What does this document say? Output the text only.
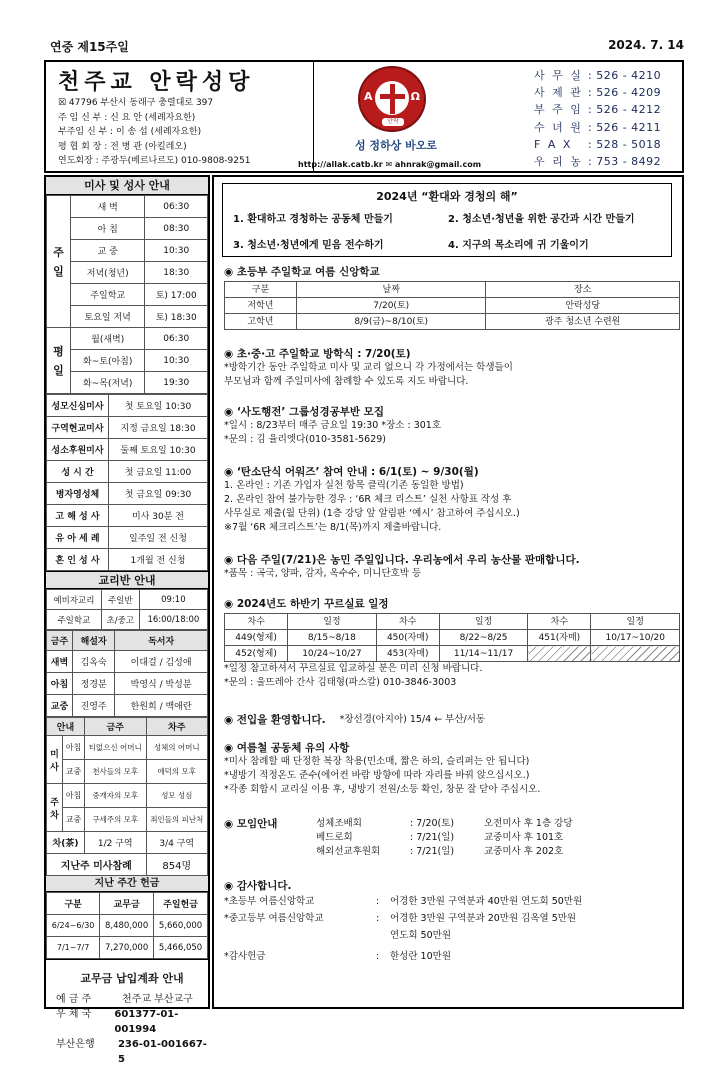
연중 제15주일	2024. 7. 14
천주교 안락성당
☒ 47796 부산시 동래구 충렬대로 397
주 임 신 부 : 신 요 안 (세례자요한)
부주임 신 부 : 이 송 섭 (세례자요한)
평 협 회 장 : 전 병 관 (아킬레오)
연도회장 : 주광두(베르나르도) 010-9808-9251
A	Ω
안락
성 정하상 바오로
http://allak.catb.kr ✉ ahnrak@gmail.com
사 무 실 : 526 - 4210
사 제 관 : 526 - 4209
부 주 임 : 526 - 4212
수 녀 원 : 526 - 4211
F A X	: 528 - 5018
우 리 농 : 753 - 8492
미사 및 성사 안내
주 일	새 벽	06:30
	아 침	08:30
	교 중	10:30
	저녁(청년)	18:30
	주일학교	토) 17:00
	토요일 저녁	토) 18:30
평 일	월(새벽)	06:30
	화~토(아침)	10:30
	화~목(저녁)	19:30
성모신심미사	첫 토요일 10:30
구역현교미사	지정 금요일 18:30
성소후원미사	둘째 토요일 10:30
성 시 간	첫 금요일 11:00
병자영성체	첫 금요일 09:30
고 해 성 사	미사 30분 전
유 아 세 례	일주일 전 신청
혼 인 성 사	1개월 전 신청
교리반 안내
예비자교리	주일반	09:10
주일학교	초/중고	16:00/18:00
금주	해설자	독서자
새벽	김옥숙	이대걸 / 김성애
아침	정경분	박영식 / 박성분
교중	진영주	한원희 / 백애란
안내		금주	차주
미 사	아침	티없으신 어머니	성체의 어머니
	교중	천사들의 모후	애덕의 모후
주 차	아침	중개자의 모후	성모 성심
	교중	구세주의 모후	죄인들의 피난처
차(茶)		1/2 구역	3/4 구역
지난주 미사참례			854명
지난 주간 헌금
구분	교무금	주일헌금
6/24~6/30	8,480,000	5,660,000
7/1~7/7	7,270,000	5,466,050
교무금 납입계좌 안내
예 금 주	천주교 부산교구
우 체 국	601377-01-001994
부산은행	236-01-001667-5
2024년 “환대와 경청의 해”
1. 환대하고 경청하는 공동체 만들기	2. 청소년·청년을 위한 공간과 시간 만들기
3. 청소년·청년에게 믿음 전수하기	4. 지구의 목소리에 귀 기울이기
◉ 초등부 주일학교 여름 신앙학교
구분	날짜	장소
저학년	7/20(토)	안락성당
고학년	8/9(금)~8/10(토)	광주 청소년 수련원
◉ 초·중·고 주일학교 방학식 : 7/20(토)
*방학기간 동안 주일학교 미사 및 교리 없으니 각 가정에서는 학생들이
부모님과 함께 주일미사에 참례할 수 있도록 지도 바랍니다.
◉ ‘사도행전’ 그룹성경공부반 모집
*일시 : 8/23부터 매주 금요일 19:30 *장소 : 301호
*문의 : 김 율리엣다(010-3581-5629)
◉ ‘탄소단식 어워즈’ 참여 안내 : 6/1(토) ~ 9/30(월)
1. 온라인 : 기존 가입자 실천 항목 클릭(기존 동일한 방법)
2. 온라인 참여 불가능한 경우 : ‘6R 체크 리스트’ 실천 사항표 작성 후
사무실로 제출(월 단위) (1층 강당 앞 알림판 ‘예시’ 참고하여 주십시오.)
※7월 ‘6R 체크리스트’는 8/1(목)까지 제출바랍니다.
◉ 다음 주일(7/21)은 농민 주일입니다. 우리농에서 우리 농산물 판매합니다.
*품목 : 곡국, 양파, 감자, 옥수수, 미니단호박 등
◉ 2024년도 하반기 꾸르실료 일정
차수	일정	차수	일정	차수	일정
449(형제)	8/15~8/18	450(자매)	8/22~8/25	451(자매)	10/17~10/20
452(형제)	10/24~10/27	453(자매)	11/14~11/17		
*일정 참고하셔서 꾸르실료 입교하실 분은 미리 신청 바랍니다.
*문의 : 울뜨레아 간사 김태형(파스칼) 010-3846-3003
◉ 전입을 환영합니다. *장선경(아지아) 15/4 ← 부산/서동
◉ 여름철 공동체 유의 사항
*미사 참례할 때 단정한 복장 착용(민소매, 짧은 하의, 슬리퍼는 안 됩니다)
*냉방기 적정온도 준수(에어컨 바람 방향에 따라 자리를 바꿔 앉으십시오.)
*각종 회합시 교리실 이용 후, 냉방기 전원/소등 확인, 창문 잘 닫아 주십시오.
◉ 모임안내	성체조배회	: 7/20(토)	오전미사 후 1층 강당
베드로회	: 7/21(일)	교중미사 후 101호
해외선교후원회	: 7/21(일)	교중미사 후 202호
◉ 감사합니다.
*초등부 여름신앙학교	:	어경한 3만원 구역분과 40만원 연도회 50만원
*중고등부 여름신앙학교	:	어경한 3만원 구역분과 20만원 김옥열 5만원
연도회 50만원
*감사헌금	:	한성란 10만원
